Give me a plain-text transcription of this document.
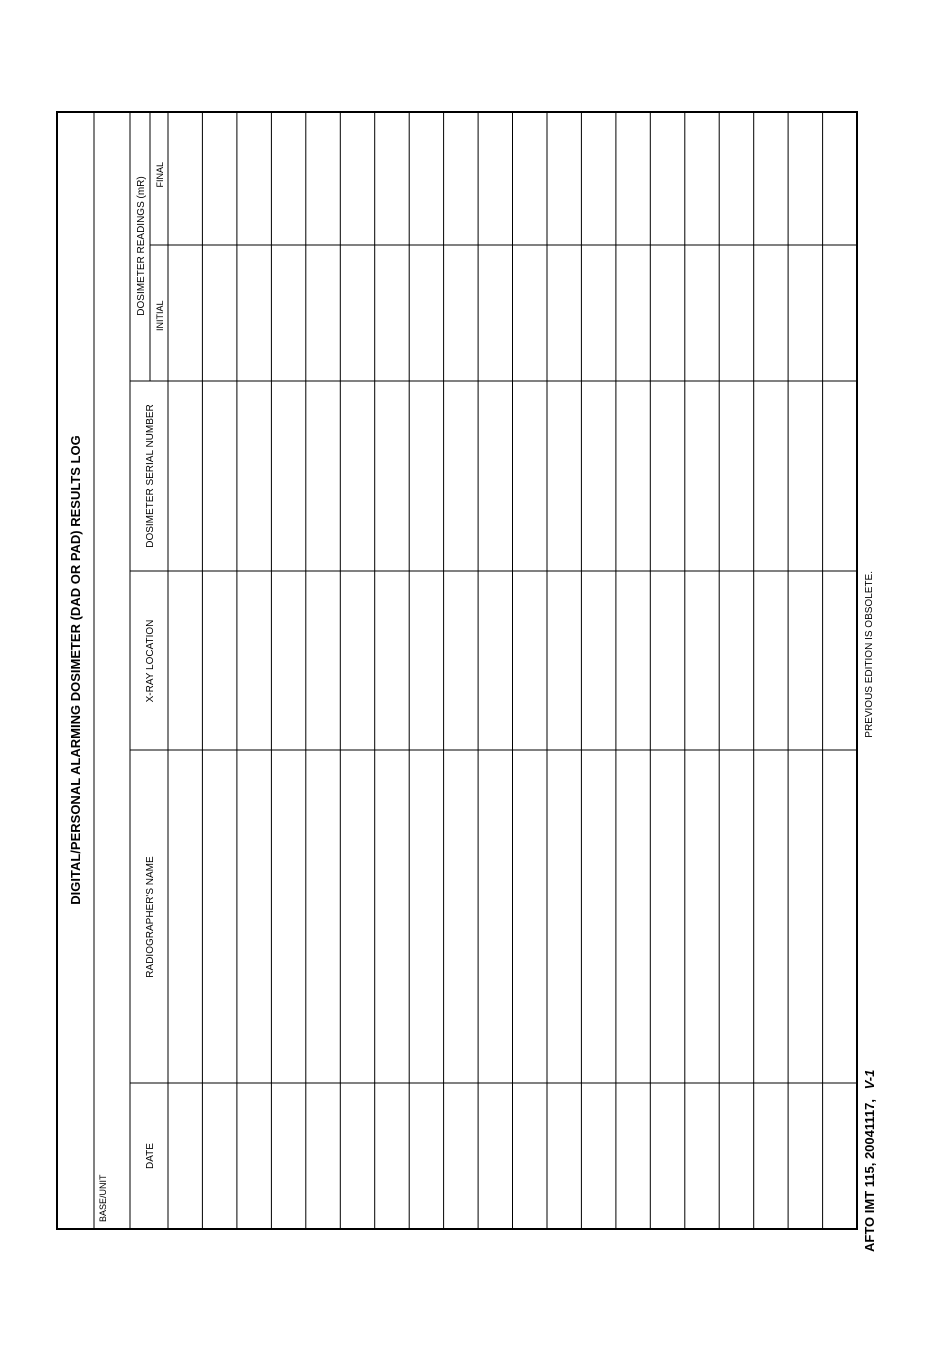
DIGITAL/PERSONAL ALARMING DOSIMETER (DAD OR PAD) RESULTS LOG
BASE/UNIT
DATE
RADIOGRAPHER'S NAME
X-RAY LOCATION
DOSIMETER SERIAL NUMBER
DOSIMETER READINGS (mR)
INITIAL
FINAL
AFTO IMT 115, 20041117, V-1
PREVIOUS EDITION IS OBSOLETE.
